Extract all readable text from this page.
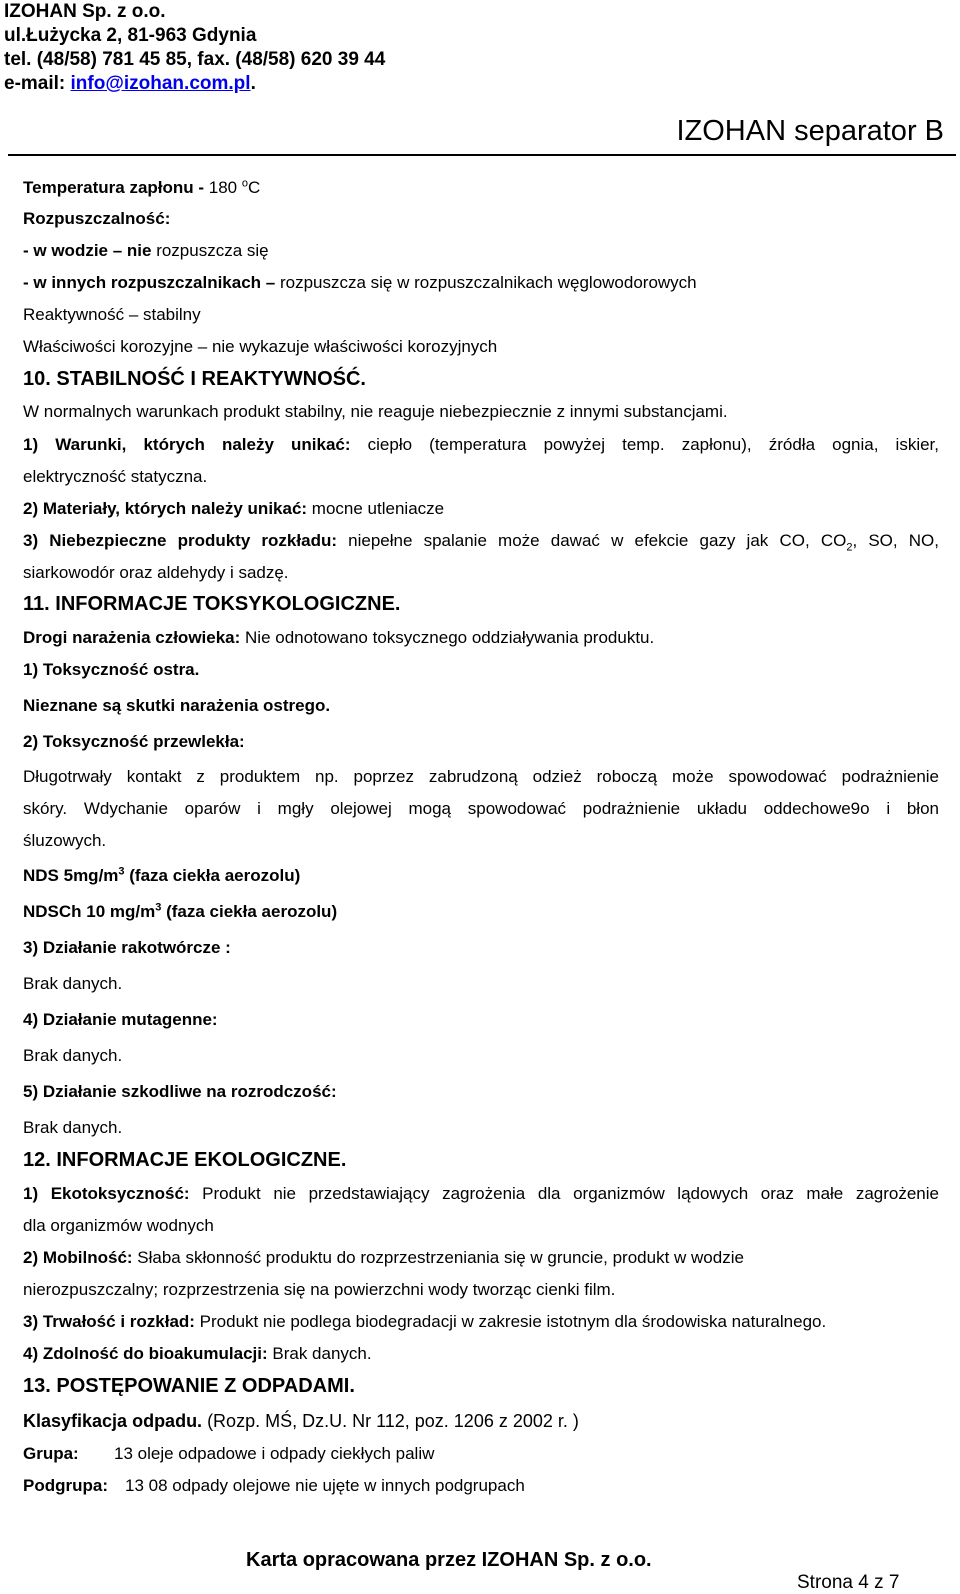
IZOHAN Sp. z o.o.
ul.Łużycka 2, 81-963 Gdynia
tel. (48/58) 781 45 85, fax. (48/58) 620 39 44
e-mail: info@izohan.com.pl.
IZOHAN separator B
Temperatura zapłonu - 180 $^o$C
Rozpuszczalność:
- w wodzie – nie rozpuszcza się
- w innych rozpuszczalnikach – rozpuszcza się w rozpuszczalnikach węglowodorowych
Reaktywność – stabilny
Właściwości korozyjne – nie wykazuje właściwości korozyjnych
10. STABILNOŚĆ I REAKTYWNOŚĆ.
W normalnych warunkach produkt stabilny, nie reaguje niebezpiecznie z innymi substancjami.
1) Warunki, których należy unikać: ciepło (temperatura powyżej temp. zapłonu), źródła ognia, iskier,
elektryczność statyczna.
2) Materiały, których należy unikać: mocne utleniacze
3) Niebezpieczne produkty rozkładu: niepełne spalanie może dawać w efekcie gazy jak CO, $CO_2$, SO, NO,
siarkowodór oraz aldehydy i sadzę.
11. INFORMACJE TOKSYKOLOGICZNE.
Drogi narażenia człowieka: Nie odnotowano toksycznego oddziaływania produktu.
1) Toksyczność ostra.
Nieznane są skutki narażenia ostrego.
2) Toksyczność przewlekła:
Długotrwały kontakt z produktem np. poprzez zabrudzoną odzież roboczą może spowodować podrażnienie
skóry. Wdychanie oparów i mgły olejowej mogą spowodować podrażnienie układu oddechowe9o i błon
śluzowych.
NDS $5mg/m^3$ (faza ciekła aerozolu)
NDSCh 10 $mg/m^3$ (faza ciekła aerozolu)
3) Działanie rakotwórcze :
Brak danych.
4) Działanie mutagenne:
Brak danych.
5) Działanie szkodliwe na rozrodczość:
Brak danych.
12. INFORMACJE EKOLOGICZNE.
1) Ekotoksyczność: Produkt nie przedstawiający zagrożenia dla organizmów lądowych oraz małe zagrożenie
dla organizmów wodnych
2) Mobilność: Słaba skłonność produktu do rozprzestrzeniania się w gruncie, produkt w wodzie
nierozpuszczalny; rozprzestrzenia się na powierzchni wody tworząc cienki film.
3) Trwałość i rozkład: Produkt nie podlega biodegradacji w zakresie istotnym dla środowiska naturalnego.
4) Zdolność do bioakumulacji: Brak danych.
13. POSTĘPOWANIE Z ODPADAMI.
Klasyfikacja odpadu. (Rozp. MŚ, Dz.U. Nr 112, poz. 1206 z 2002 r. )
Grupa: 13 oleje odpadowe i odpady ciekłych paliw
Podgrupa: 13 08 odpady olejowe nie ujęte w innych podgrupach
Karta opracowana przez IZOHAN Sp. z o.o.
Strona 4 z 7
